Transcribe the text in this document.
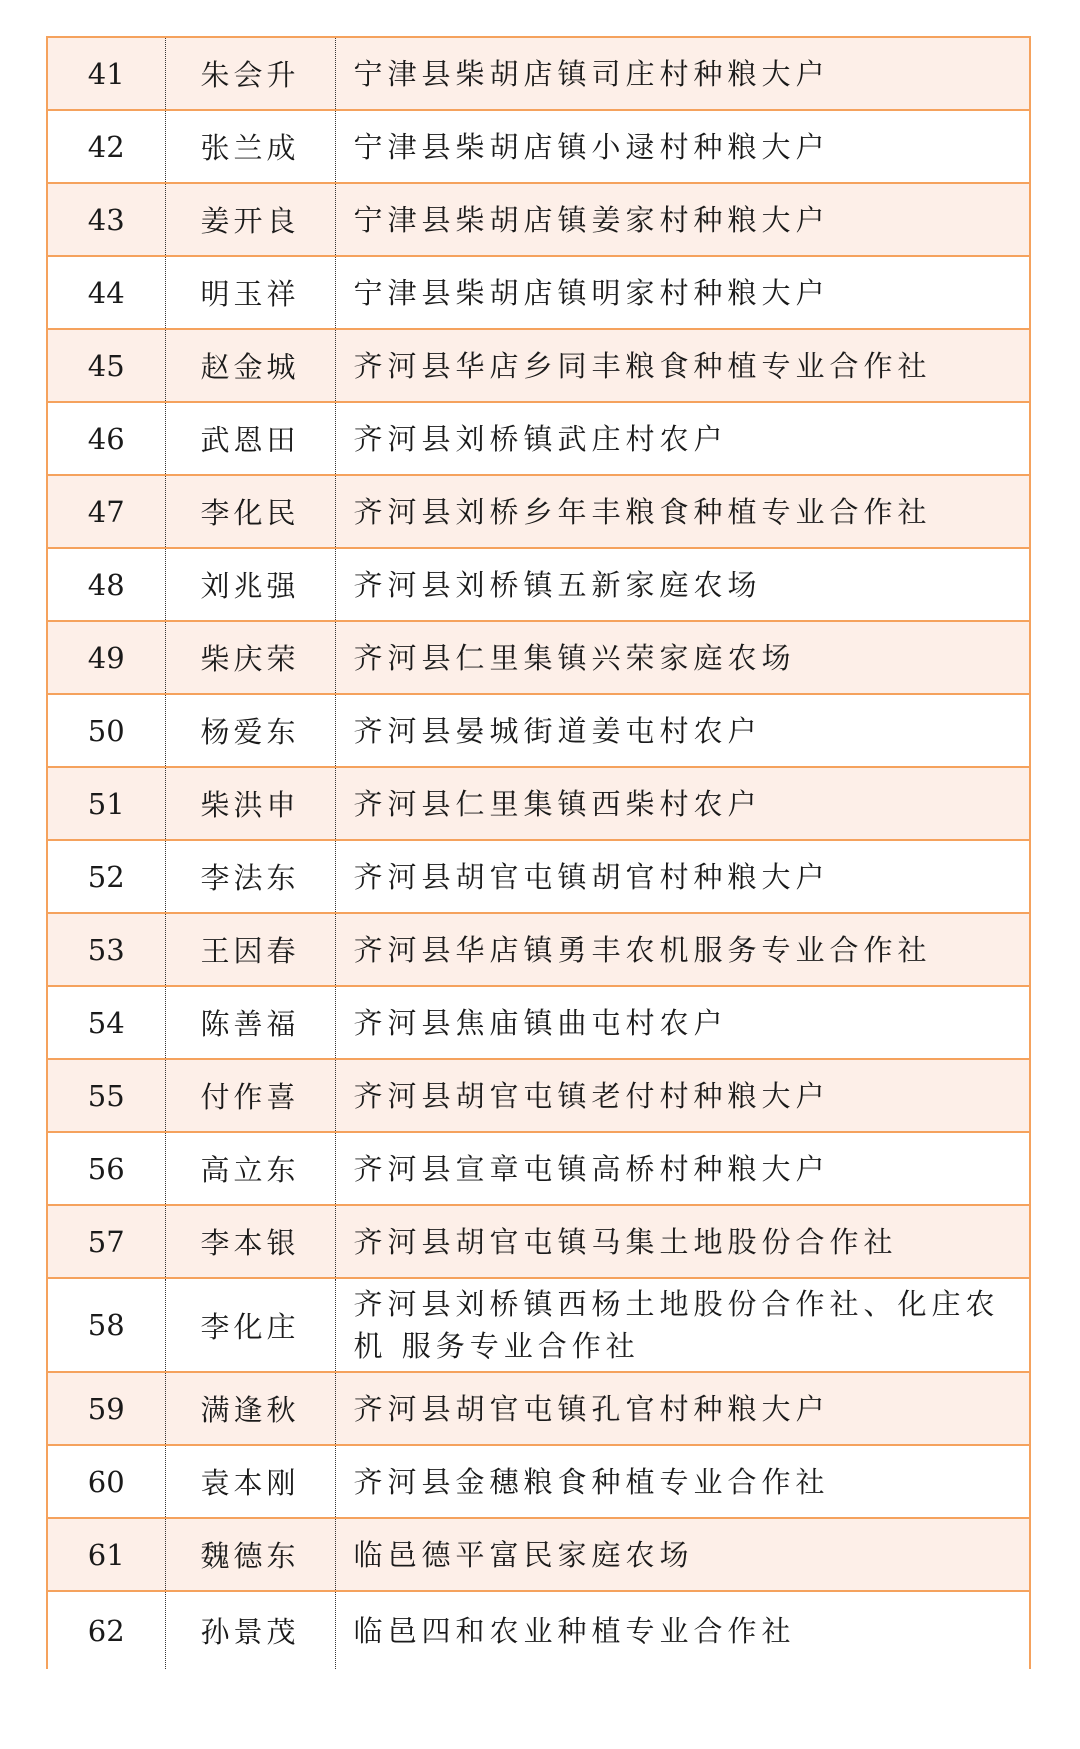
41	朱会升	宁津县柴胡店镇司庄村种粮大户
42	张兰成	宁津县柴胡店镇小逯村种粮大户
43	姜开良	宁津县柴胡店镇姜家村种粮大户
44	明玉祥	宁津县柴胡店镇明家村种粮大户
45	赵金城	齐河县华店乡同丰粮食种植专业合作社
46	武恩田	齐河县刘桥镇武庄村农户
47	李化民	齐河县刘桥乡年丰粮食种植专业合作社
48	刘兆强	齐河县刘桥镇五新家庭农场
49	柴庆荣	齐河县仁里集镇兴荣家庭农场
50	杨爱东	齐河县晏城街道姜屯村农户
51	柴洪申	齐河县仁里集镇西柴村农户
52	李法东	齐河县胡官屯镇胡官村种粮大户
53	王因春	齐河县华店镇勇丰农机服务专业合作社
54	陈善福	齐河县焦庙镇曲屯村农户
55	付作喜	齐河县胡官屯镇老付村种粮大户
56	高立东	齐河县宣章屯镇高桥村种粮大户
57	李本银	齐河县胡官屯镇马集土地股份合作社
58	李化庄	齐河县刘桥镇西杨土地股份合作社、化庄农机 服务专业合作社
59	满逢秋	齐河县胡官屯镇孔官村种粮大户
60	袁本刚	齐河县金穗粮食种植专业合作社
61	魏德东	临邑德平富民家庭农场
62	孙景茂	临邑四和农业种植专业合作社
